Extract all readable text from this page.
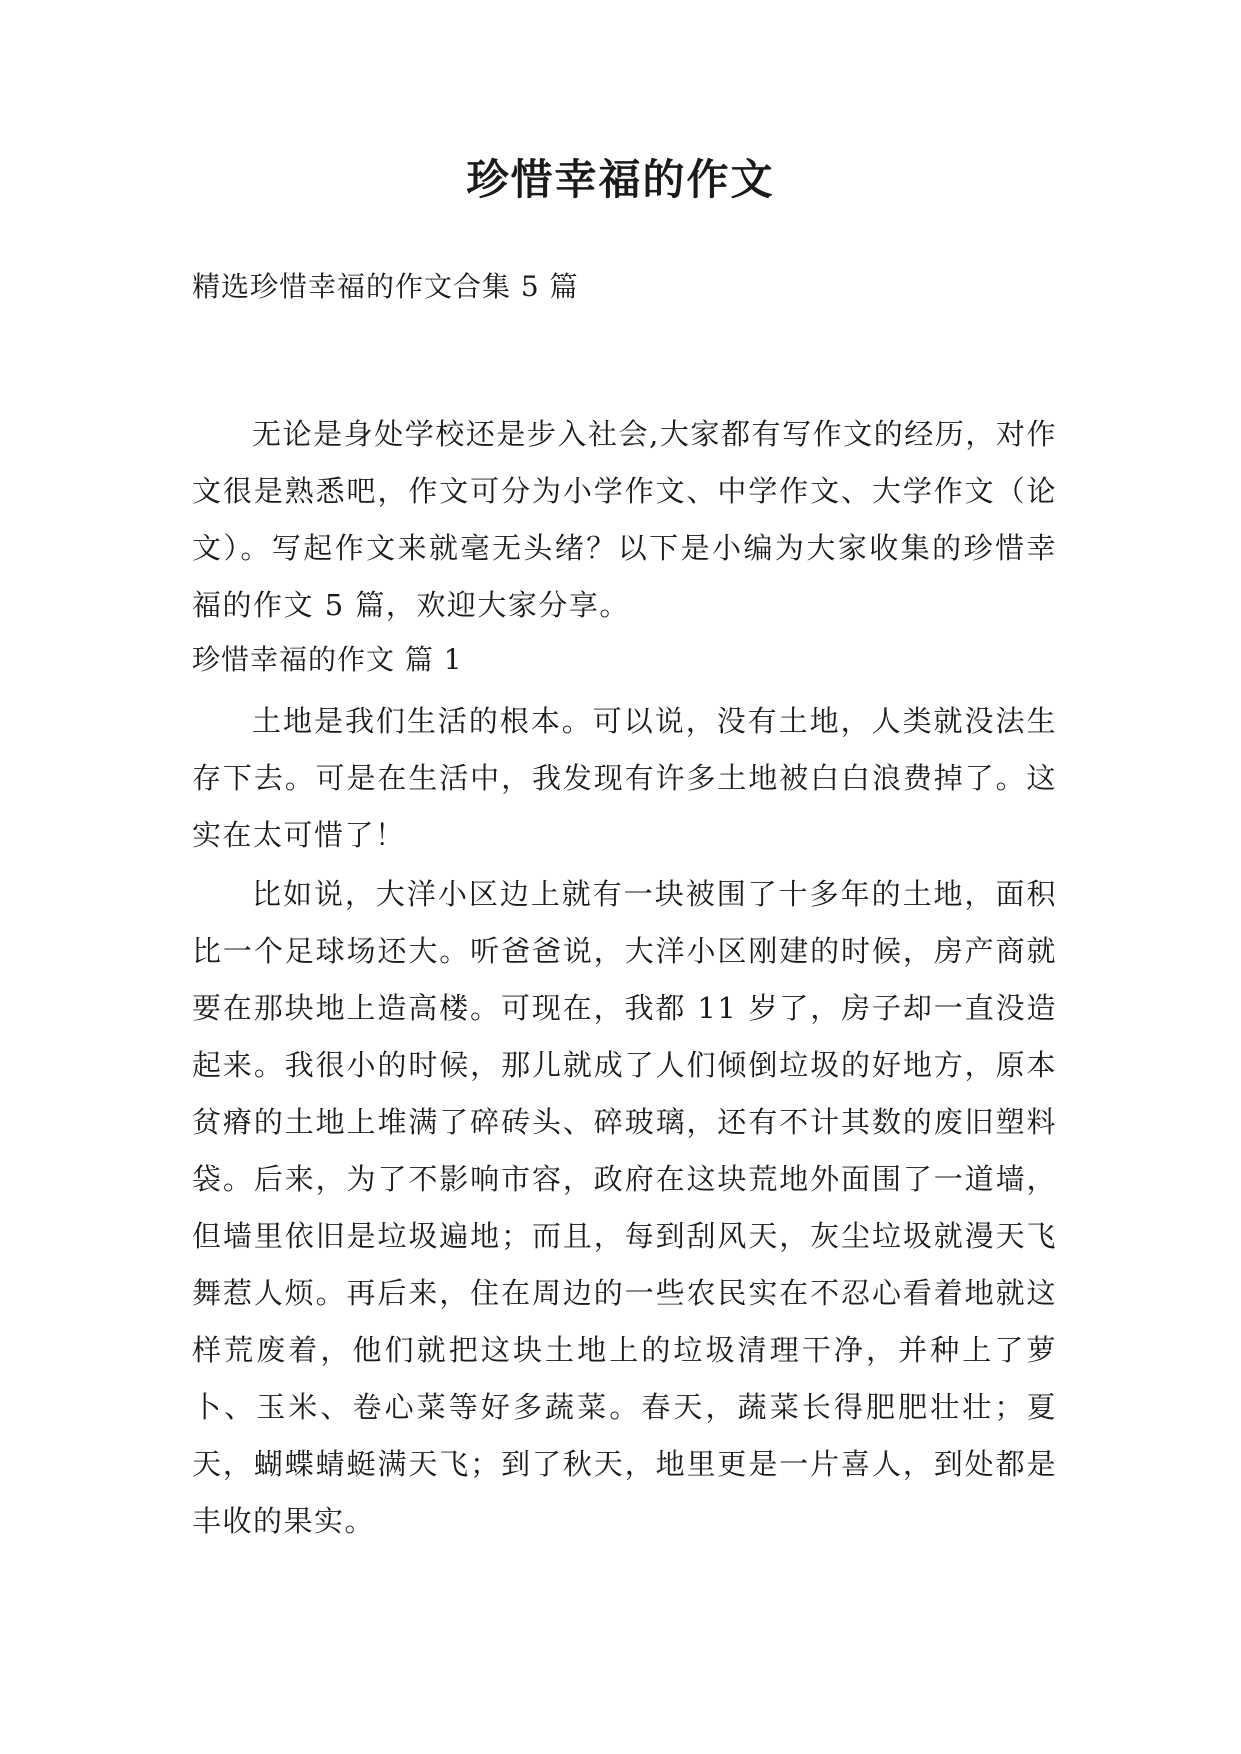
珍惜幸福的作文
精选珍惜幸福的作文合集 5 篇
无论是身处学校还是步入社会,大家都有写作文的经历，对作文很是熟悉吧，作文可分为小学作文、中学作文、大学作文（论文）。写起作文来就毫无头绪？以下是小编为大家收集的珍惜幸福的作文 5 篇，欢迎大家分享。
珍惜幸福的作文 篇 1
土地是我们生活的根本。可以说，没有土地，人类就没法生存下去。可是在生活中，我发现有许多土地被白白浪费掉了。这实在太可惜了！
比如说，大洋小区边上就有一块被围了十多年的土地，面积比一个足球场还大。听爸爸说，大洋小区刚建的时候，房产商就要在那块地上造高楼。可现在，我都 11 岁了，房子却一直没造起来。我很小的时候，那儿就成了人们倾倒垃圾的好地方，原本贫瘠的土地上堆满了碎砖头、碎玻璃，还有不计其数的废旧塑料袋。后来，为了不影响市容，政府在这块荒地外面围了一道墙，但墙里依旧是垃圾遍地；而且，每到刮风天，灰尘垃圾就漫天飞舞惹人烦。再后来，住在周边的一些农民实在不忍心看着地就这样荒废着，他们就把这块土地上的垃圾清理干净，并种上了萝卜、玉米、卷心菜等好多蔬菜。春天，蔬菜长得肥肥壮壮；夏天，蝴蝶蜻蜓满天飞；到了秋天，地里更是一片喜人，到处都是丰收的果实。
